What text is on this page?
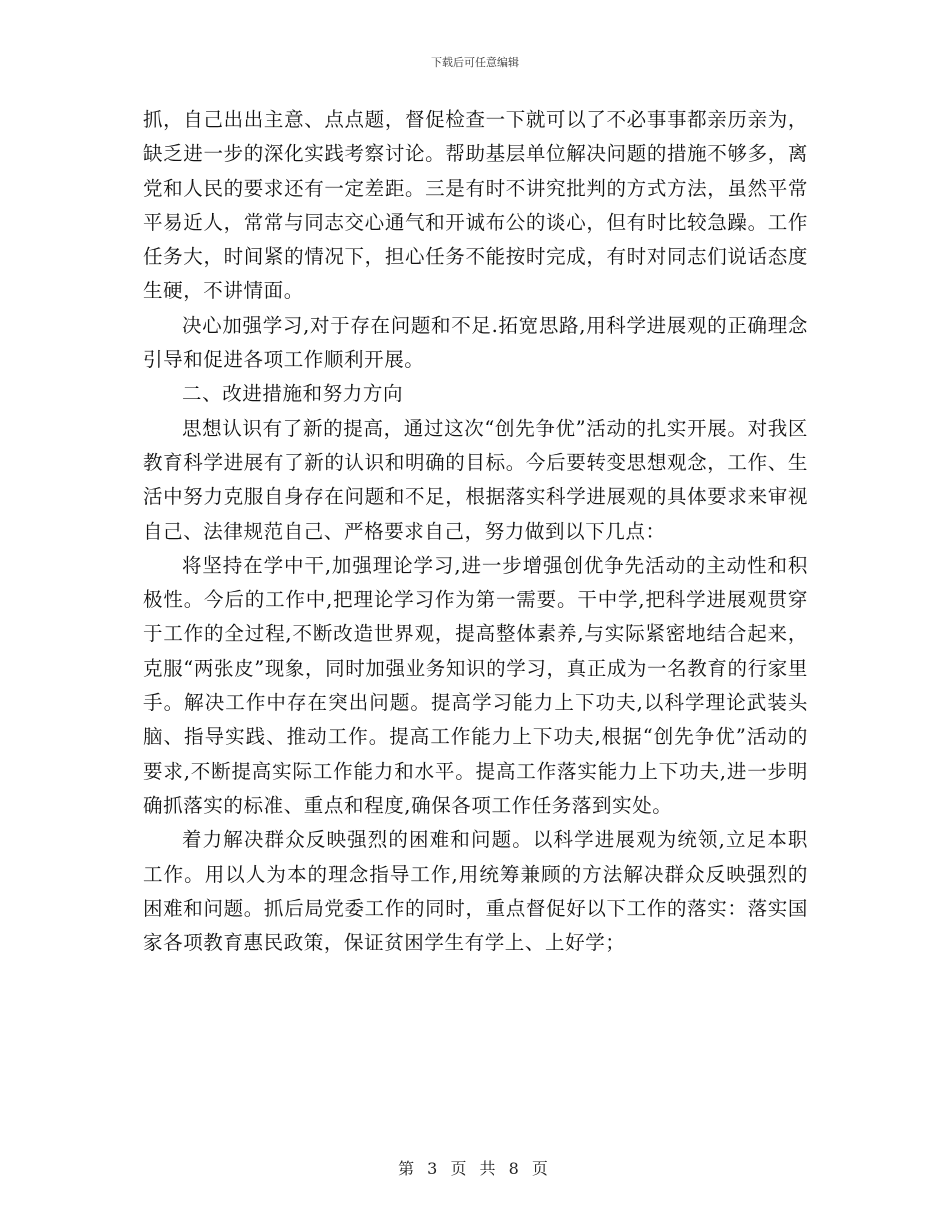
下载后可任意编辑

抓，自己出出主意、点点题，督促检查一下就可以了不必事事都亲历亲为，缺乏进一步的深化实践考察讨论。帮助基层单位解决问题的措施不够多，离党和人民的要求还有一定差距。三是有时不讲究批判的方式方法，虽然平常平易近人，常常与同志交心通气和开诚布公的谈心，但有时比较急躁。工作任务大，时间紧的情况下，担心任务不能按时完成，有时对同志们说话态度生硬，不讲情面。

决心加强学习,对于存在问题和不足.拓宽思路,用科学进展观的正确理念引导和促进各项工作顺利开展。

二、改进措施和努力方向

思想认识有了新的提高，通过这次“创先争优”活动的扎实开展。对我区教育科学进展有了新的认识和明确的目标。今后要转变思想观念，工作、生活中努力克服自身存在问题和不足，根据落实科学进展观的具体要求来审视自己、法律规范自己、严格要求自己，努力做到以下几点：

将坚持在学中干,加强理论学习,进一步增强创优争先活动的主动性和积极性。今后的工作中,把理论学习作为第一需要。干中学,把科学进展观贯穿于工作的全过程,不断改造世界观，提高整体素养,与实际紧密地结合起来，克服“两张皮”现象，同时加强业务知识的学习，真正成为一名教育的行家里手。解决工作中存在突出问题。提高学习能力上下功夫,以科学理论武装头脑、指导实践、推动工作。提高工作能力上下功夫,根据“创先争优”活动的要求,不断提高实际工作能力和水平。提高工作落实能力上下功夫,进一步明确抓落实的标准、重点和程度,确保各项工作任务落到实处。

着力解决群众反映强烈的困难和问题。以科学进展观为统领,立足本职工作。用以人为本的理念指导工作,用统筹兼顾的方法解决群众反映强烈的困难和问题。抓后局党委工作的同时，重点督促好以下工作的落实：落实国家各项教育惠民政策，保证贫困学生有学上、上好学；

第 3 页 共 8 页
